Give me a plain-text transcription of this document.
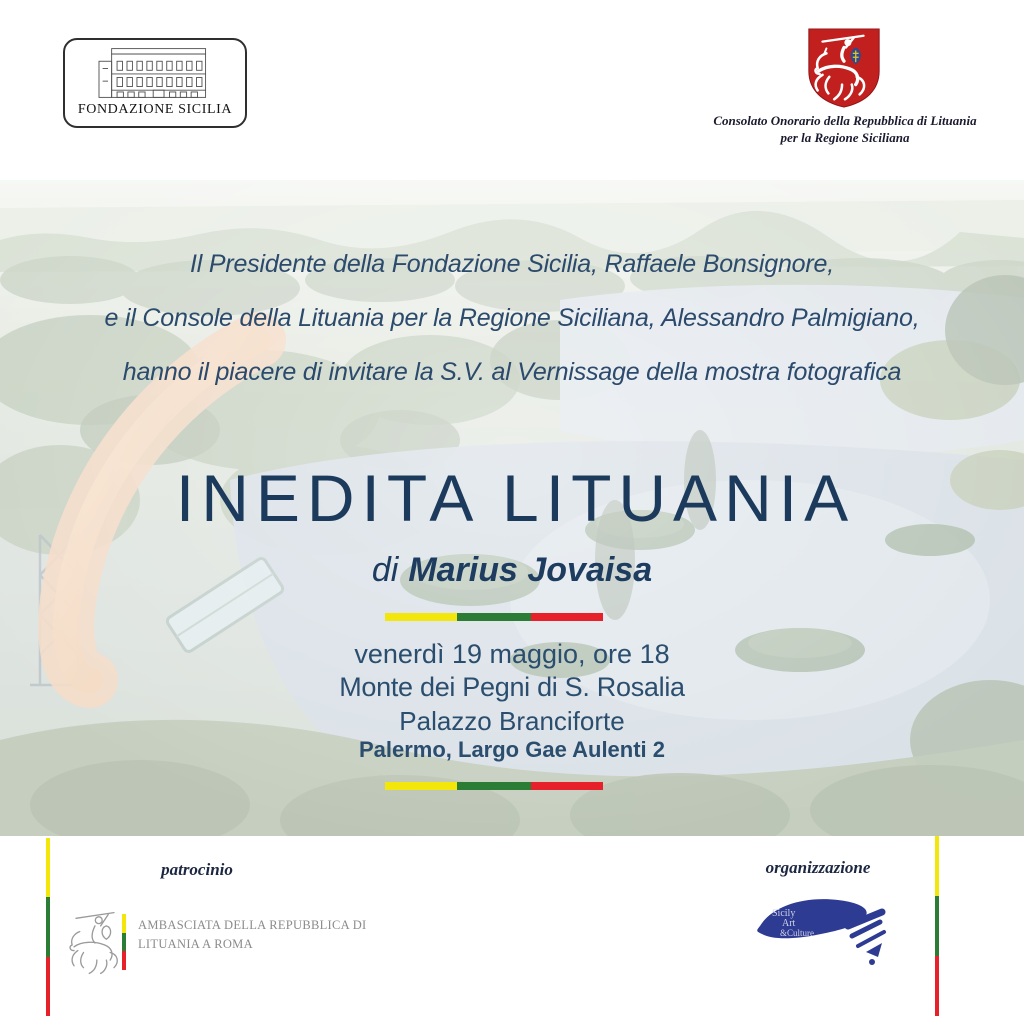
FONDAZIONE SICILIA
Consolato Onorario della Repubblica di Lituania
per la Regione Siciliana
Il Presidente della Fondazione Sicilia, Raffaele Bonsignore,
e il Console della Lituania per la Regione Siciliana, Alessandro Palmigiano,
hanno il piacere di invitare la S.V. al Vernissage della mostra fotografica
INEDITA LITUANIA
di Marius Jovaisa
venerdì 19 maggio, ore 18
Monte dei Pegni di S. Rosalia
Palazzo Branciforte
Palermo, Largo Gae Aulenti 2
patrocinio	organizzazione
AMBASCIATA DELLA REPUBBLICA DI
LITUANIA A ROMA
Sicily
Art
&Culture
